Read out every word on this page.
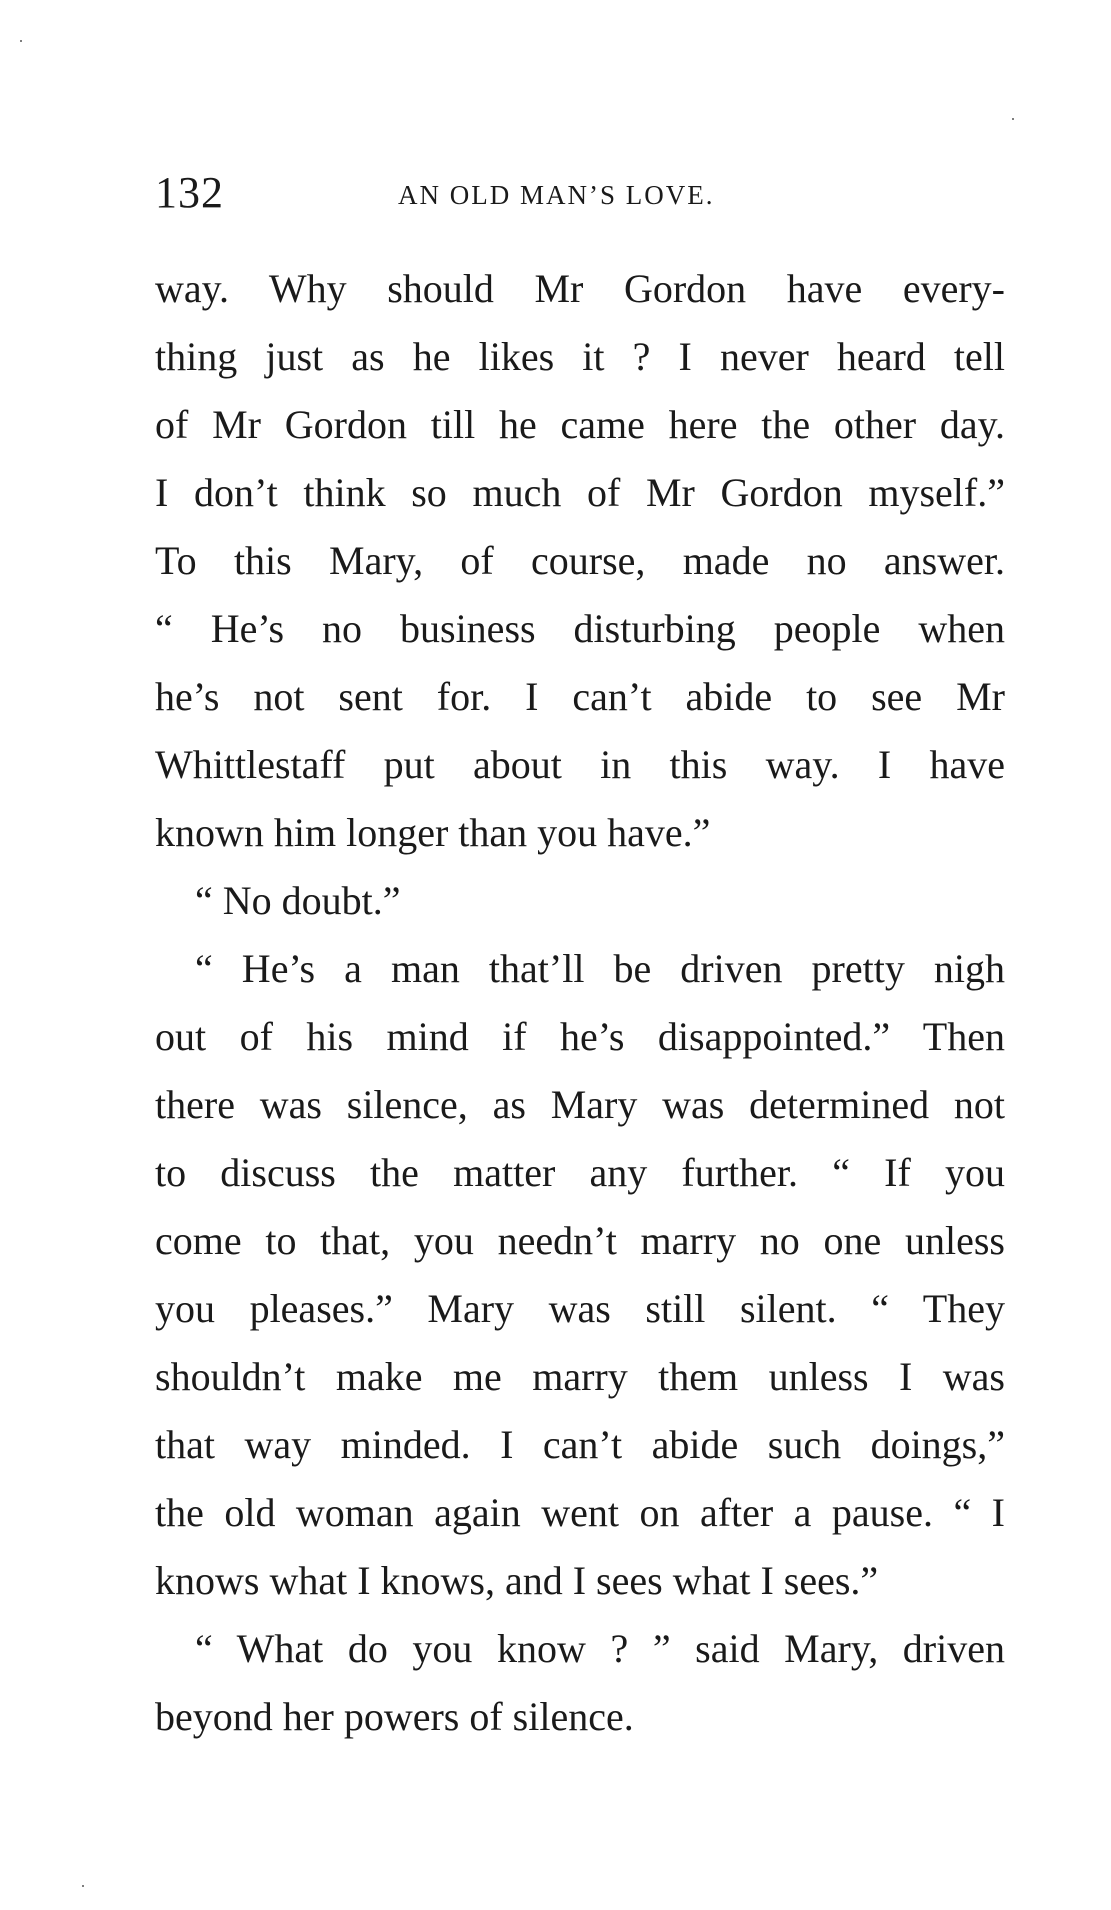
132	AN OLD MAN’S LOVE.
way. Why should Mr Gordon have every-
thing just as he likes it ? I never heard tell
of Mr Gordon till he came here the other day.
I don’t think so much of Mr Gordon myself.”
To this Mary, of course, made no answer.
“ He’s no business disturbing people when
he’s not sent for. I can’t abide to see Mr
Whittlestaff put about in this way. I have
known him longer than you have.”
“ No doubt.”
“ He’s a man that’ll be driven pretty nigh
out of his mind if he’s disappointed.” Then
there was silence, as Mary was determined not
to discuss the matter any further. “ If you
come to that, you needn’t marry no one unless
you pleases.” Mary was still silent. “ They
shouldn’t make me marry them unless I was
that way minded. I can’t abide such doings,”
the old woman again went on after a pause. “ I
knows what I knows, and I sees what I sees.”
“ What do you know ? ” said Mary, driven
beyond her powers of silence.
